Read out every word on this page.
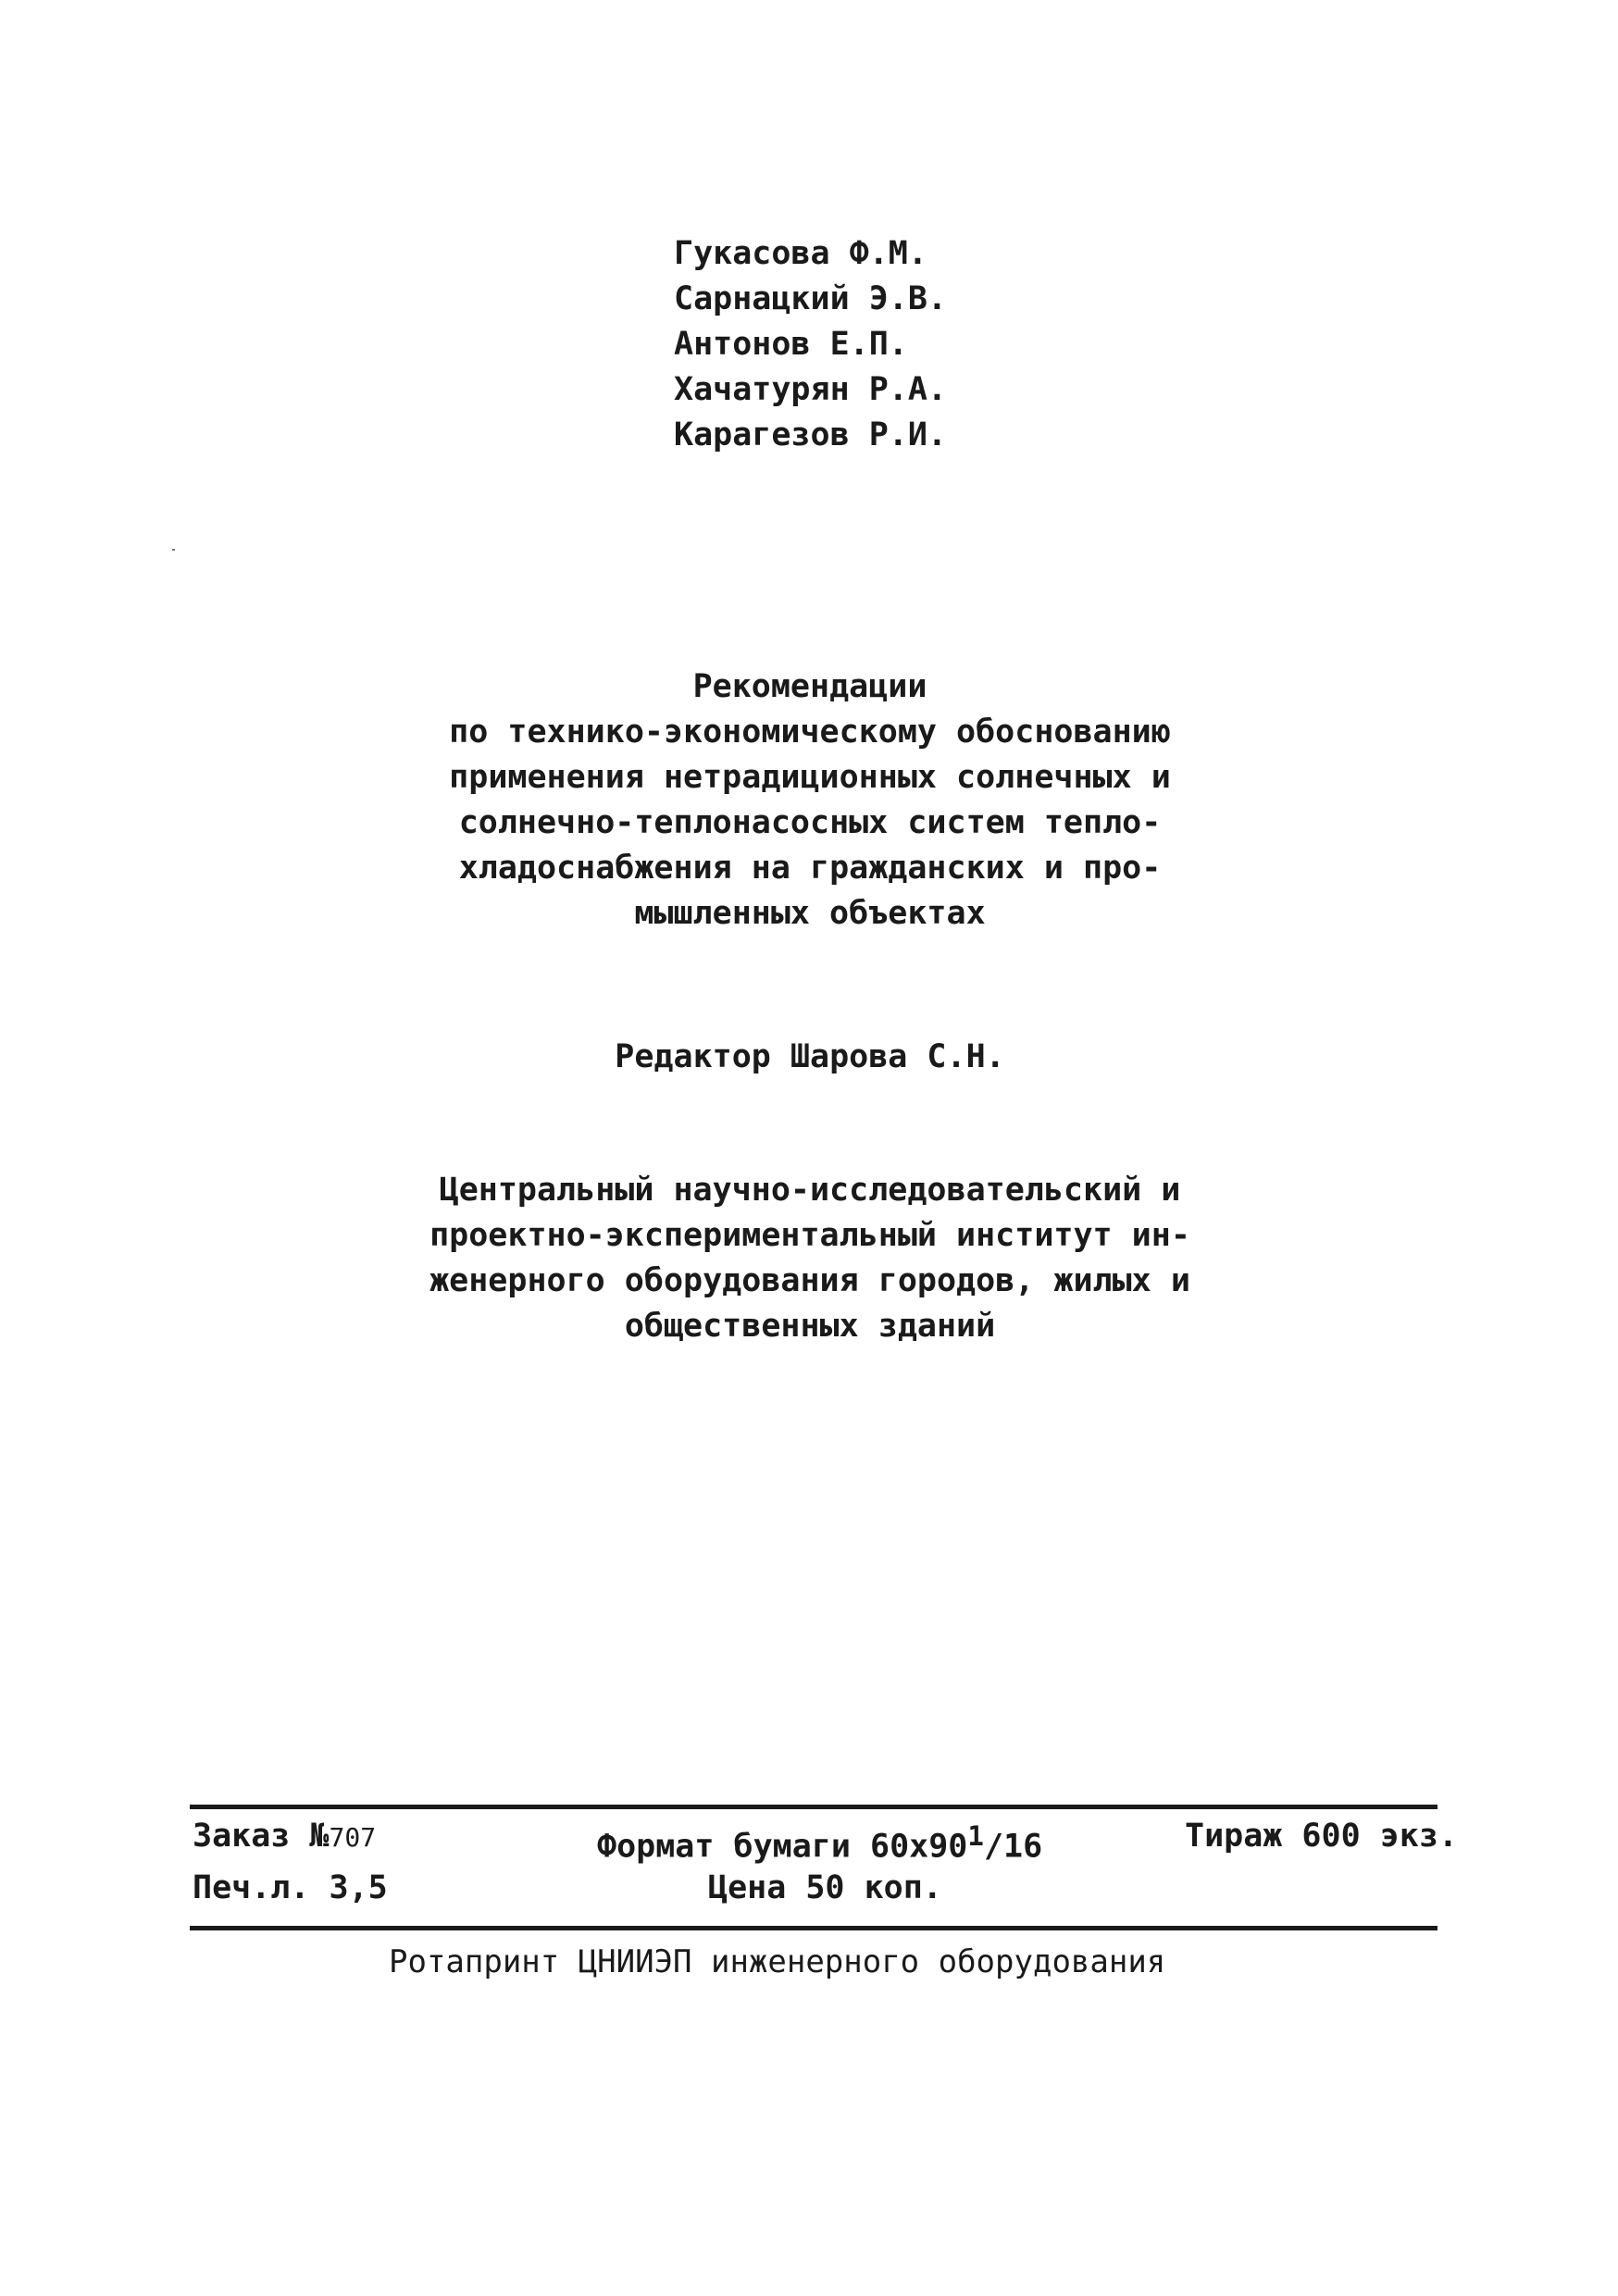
Гукасова Ф.М.
Сарнацкий Э.В.
Антонов Е.П.
Хачатурян Р.А.
Карагезов Р.И.
Рекомендации
по технико-экономическому обоснованию
применения нетрадиционных солнечных и
солнечно-теплонасосных систем тепло-
хладоснабжения на гражданских и про-
мышленных объектах
Редактор Шарова С.Н.
Центральный научно-исследовательский и
проектно-экспериментальный институт ин-
женерного оборудования городов, жилых и
общественных зданий
Заказ №707	Формат бумаги $60х90^1/16$	Тираж 600 экз.
Печ.л. 3,5	Цена 50 коп.
Ротапринт ЦНИИЭП инженерного оборудования
